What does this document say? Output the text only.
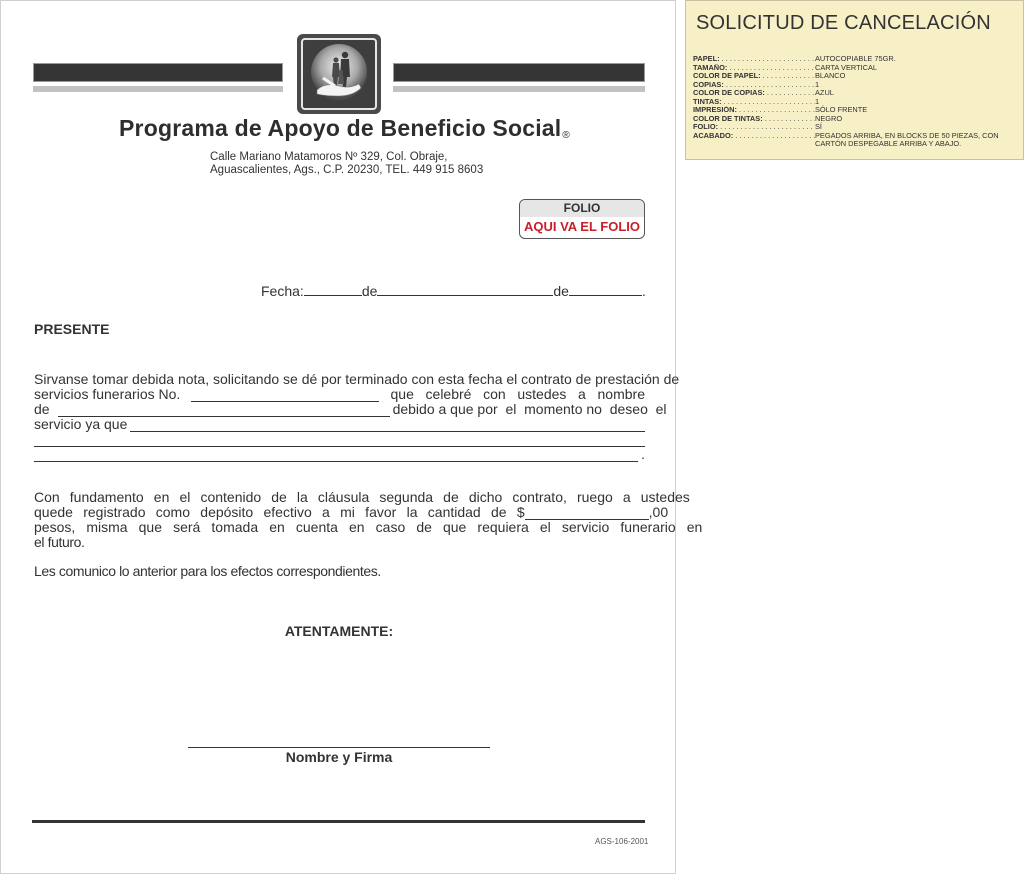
Programa de Apoyo de Beneficio Social®
Calle Mariano Matamoros Nº 329, Col. Obraje,
Aguascalientes, Ags., C.P. 20230, TEL. 449 915 8603
FOLIO
AQUI VA EL FOLIO
Fecha:	de	de	.
PRESENTE
Sirvanse tomar debida nota, solicitando se dé por terminado con esta fecha el contrato de prestación de
servicios funerarios No.	que   celebré   con   ustedes   a   nombre
de	debido a que por  el  momento no  deseo  el
servicio ya que
.
Con fundamento en el contenido de la cláusula segunda de dicho contrato, ruego a ustedes
quede registrado como depósito efectivo a mi favor la cantidad de $	,00
pesos, misma que será tomada en cuenta en caso de que requiera el servicio funerario en
el futuro.
Les comunico lo anterior para los efectos correspondientes.
ATENTAMENTE:
Nombre y Firma
AGS-106-2001
SOLICITUD DE CANCELACIÓN
PAPEL: . . .	AUTOCOPIABLE 75GR.
TAMAÑO: . . .	CARTA VERTICAL
COLOR DE PAPEL: . . .	BLANCO
COPIAS: . . .	1
COLOR DE COPIAS: . . .	AZUL
TINTAS: . . .	1
IMPRESIÓN: . . .	SÓLO FRENTE
COLOR DE TINTAS: . . .	NEGRO
FOLIO: . . .	SÍ
ACABADO: . . .	PEGADOS ARRIBA, EN BLOCKS DE 50 PIEZAS, CON
CARTÓN DESPEGABLE ARRIBA Y ABAJO.
